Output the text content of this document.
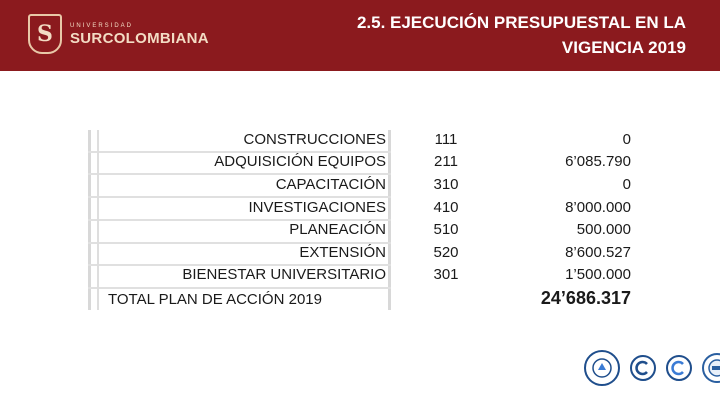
S	UNIVERSIDAD
SURCOLOMBIANA
2.5. EJECUCIÓN PRESUPUESTAL EN LA
VIGENCIA 2019
CONSTRUCCIONES
ADQUISICIÓN EQUIPOS
CAPACITACIÓN
INVESTIGACIONES
PLANEACIÓN
EXTENSIÓN
BIENESTAR UNIVERSITARIO
111
211
310
410
510
520
301
0
6’085.790
0
8’000.000
500.000
8’600.527
1’500.000
TOTAL PLAN DE ACCIÓN 2019	24’686.317
